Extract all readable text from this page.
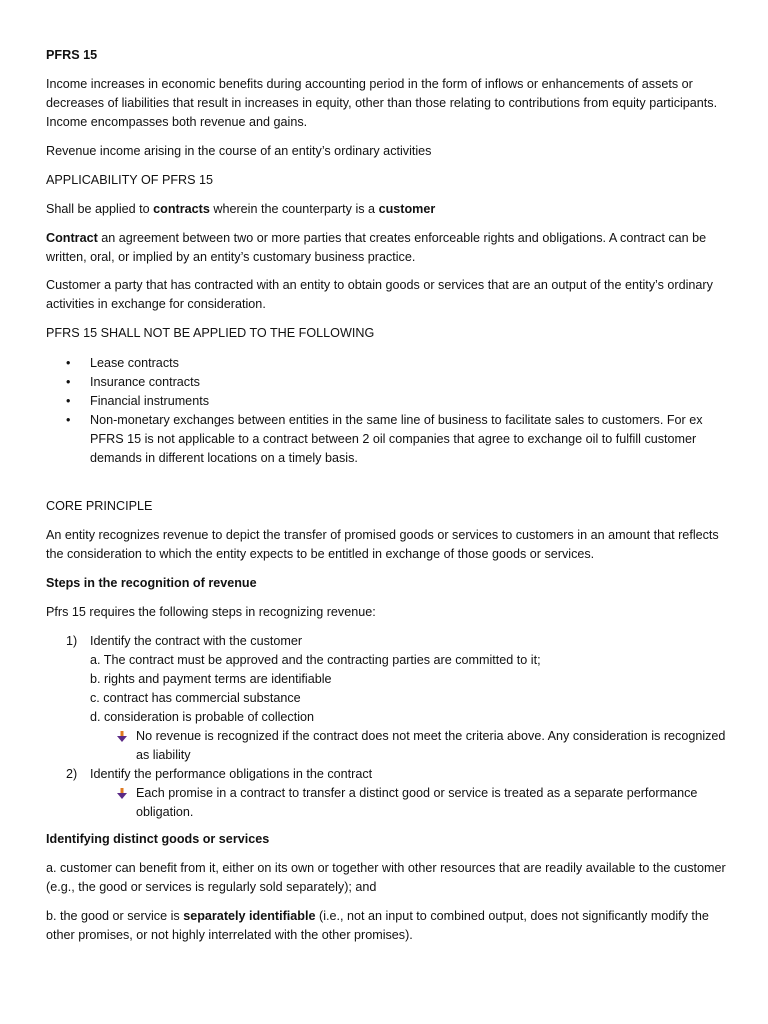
PFRS 15

Income increases in economic benefits during accounting period in the form of inflows or enhancements of assets or decreases of liabilities that result in increases in equity, other than those relating to contributions from equity participants. Income encompasses both revenue and gains.

Revenue income arising in the course of an entity’s ordinary activities

APPLICABILITY OF PFRS 15

Shall be applied to contracts wherein the counterparty is a customer

Contract an agreement between two or more parties that creates enforceable rights and obligations. A contract can be written, oral, or implied by an entity’s customary business practice.

Customer a party that has contracted with an entity to obtain goods or services that are an output of the entity’s ordinary activities in exchange for consideration.

PFRS 15 SHALL NOT BE APPLIED TO THE FOLLOWING

• Lease contracts
• Insurance contracts
• Financial instruments
• Non-monetary exchanges between entities in the same line of business to facilitate sales to customers. For ex PFRS 15 is not applicable to a contract between 2 oil companies that agree to exchange oil to fulfill customer demands in different locations on a timely basis.

CORE PRINCIPLE

An entity recognizes revenue to depict the transfer of promised goods or services to customers in an amount that reflects the consideration to which the entity expects to be entitled in exchange of those goods or services.

Steps in the recognition of revenue

Pfrs 15 requires the following steps in recognizing revenue:

1) Identify the contract with the customer
a. The contract must be approved and the contracting parties are committed to it;
b. rights and payment terms are identifiable
c. contract has commercial substance
d. consideration is probable of collection
No revenue is recognized if the contract does not meet the criteria above. Any consideration is recognized as liability
2) Identify the performance obligations in the contract
Each promise in a contract to transfer a distinct good or service is treated as a separate performance obligation.

Identifying distinct goods or services

a. customer can benefit from it, either on its own or together with other resources that are readily available to the customer (e.g., the good or services is regularly sold separately); and

b. the good or service is separately identifiable (i.e., not an input to combined output, does not significantly modify the other promises, or not highly interrelated with the other promises).
